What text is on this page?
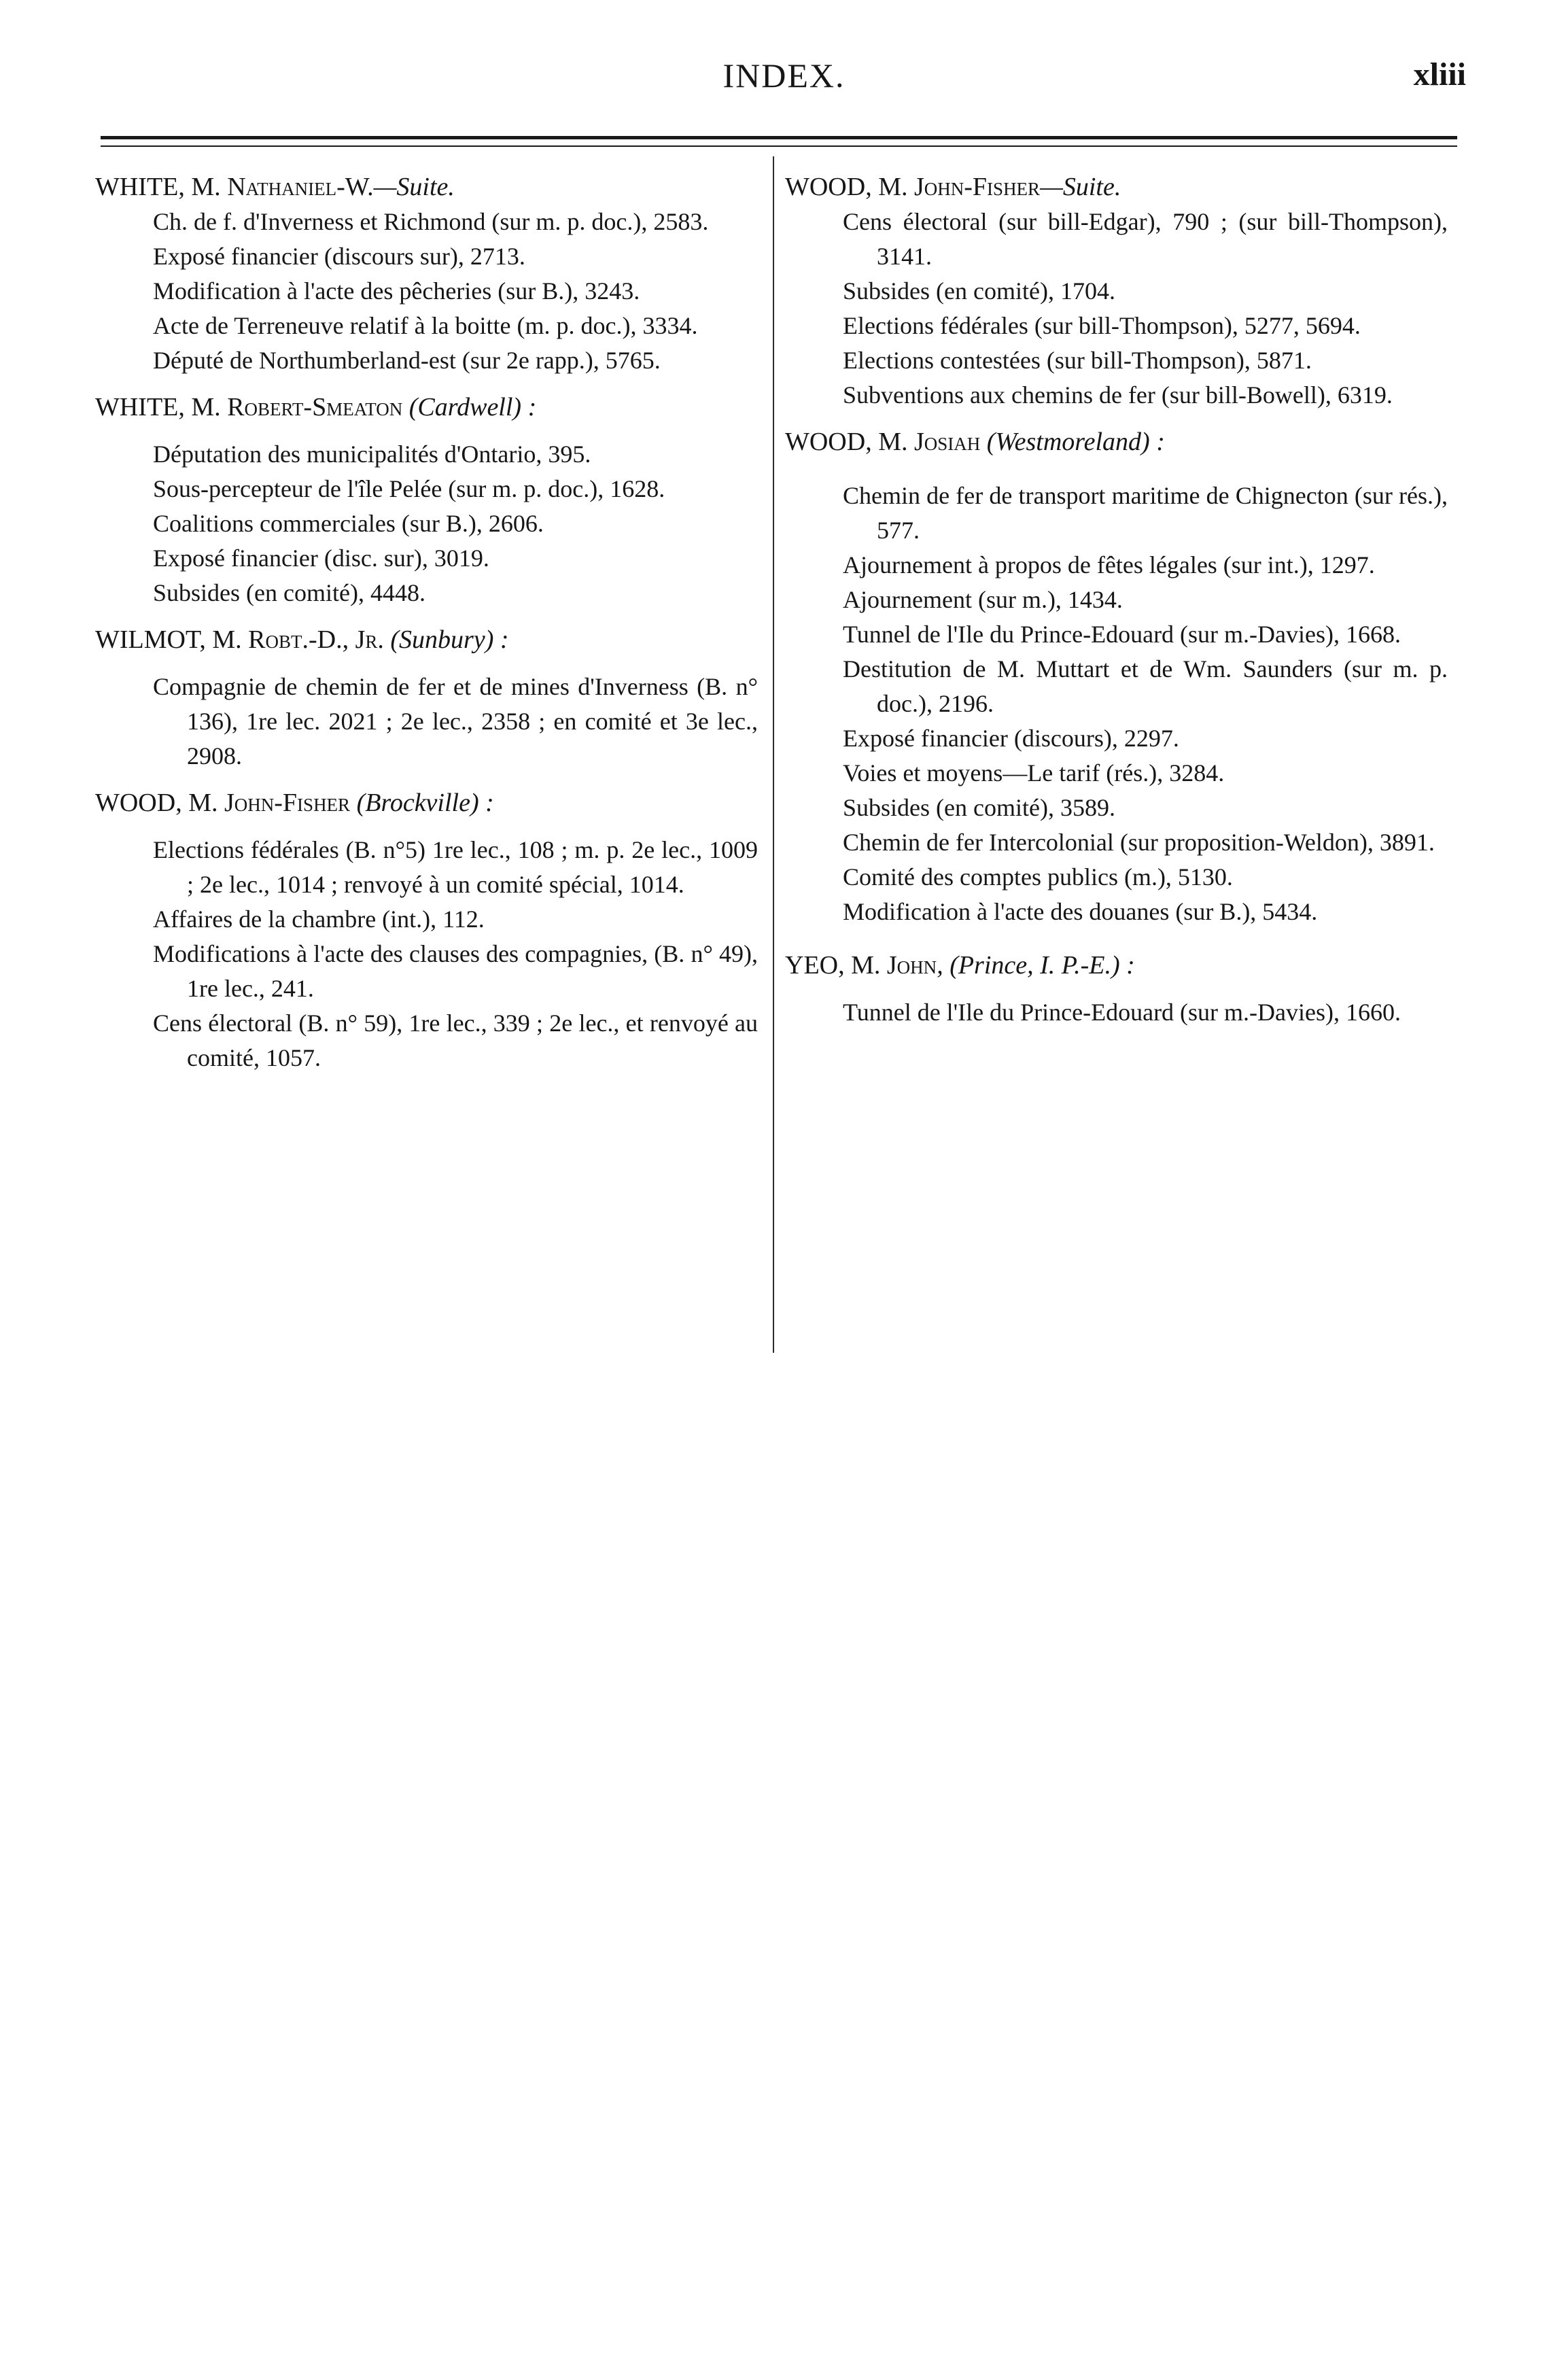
INDEX.	xliii

WHITE, M. Nathaniel-W.—Suite.

Ch. de f. d'Inverness et Richmond (sur m. p. doc.), 2583.

Exposé financier (discours sur), 2713.

Modification à l'acte des pêcheries (sur B.), 3243.

Acte de Terreneuve relatif à la boitte (m. p. doc.), 3334.

Député de Northumberland-est (sur 2e rapp.), 5765.

WHITE, M. Robert-Smeaton (Cardwell) :

Députation des municipalités d'Ontario, 395.

Sous-percepteur de l'île Pelée (sur m. p. doc.), 1628.

Coalitions commerciales (sur B.), 2606.

Exposé financier (disc. sur), 3019.

Subsides (en comité), 4448.

WILMOT, M. Robt.-D., Jr. (Sunbury) :

Compagnie de chemin de fer et de mines d'Inverness (B. n° 136), 1re lec. 2021 ; 2e lec., 2358 ; en comité et 3e lec., 2908.

WOOD, M. John-Fisher (Brockville) :

Elections fédérales (B. n°5) 1re lec., 108 ; m. p. 2e lec., 1009 ; 2e lec., 1014 ; renvoyé à un comité spécial, 1014.

Affaires de la chambre (int.), 112.

Modifications à l'acte des clauses des compagnies, (B. n° 49), 1re lec., 241.

Cens électoral (B. n° 59), 1re lec., 339 ; 2e lec., et renvoyé au comité, 1057.

WOOD, M. John-Fisher—Suite.

Cens électoral (sur bill-Edgar), 790 ; (sur bill-Thompson), 3141.

Subsides (en comité), 1704.

Elections fédérales (sur bill-Thompson), 5277, 5694.

Elections contestées (sur bill-Thompson), 5871.

Subventions aux chemins de fer (sur bill-Bowell), 6319.

WOOD, M. Josiah (Westmoreland) :

Chemin de fer de transport maritime de Chignecton (sur rés.), 577.

Ajournement à propos de fêtes légales (sur int.), 1297.

Ajournement (sur m.), 1434.

Tunnel de l'Ile du Prince-Edouard (sur m.-Davies), 1668.

Destitution de M. Muttart et de Wm. Saunders (sur m. p. doc.), 2196.

Exposé financier (discours), 2297.

Voies et moyens—Le tarif (rés.), 3284.

Subsides (en comité), 3589.

Chemin de fer Intercolonial (sur proposition-Weldon), 3891.

Comité des comptes publics (m.), 5130.

Modification à l'acte des douanes (sur B.), 5434.

YEO, M. John, (Prince, I. P.-E.) :

Tunnel de l'Ile du Prince-Edouard (sur m.-Davies), 1660.
